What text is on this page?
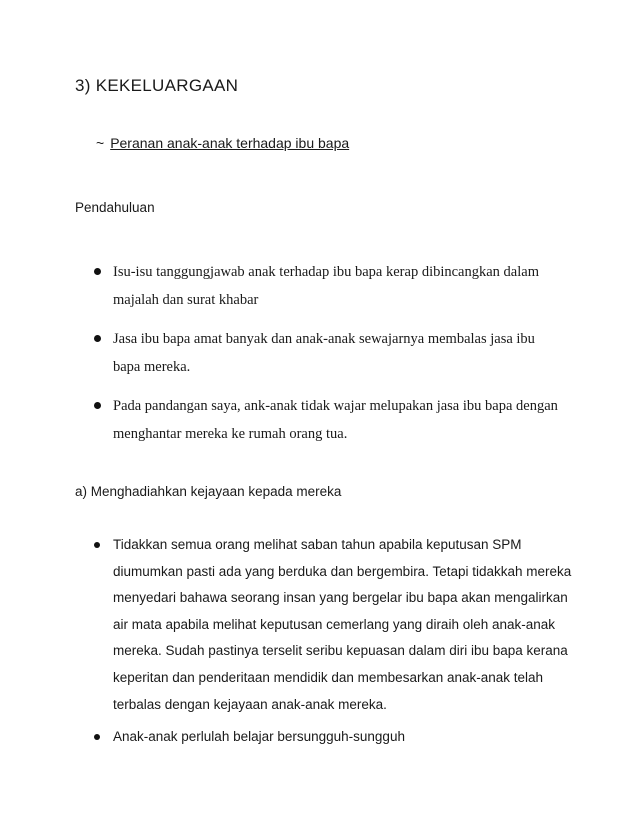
3) KEKELUARGAAN
~ Peranan anak-anak terhadap ibu bapa

Pendahuluan

Isu-isu tanggungjawab anak terhadap ibu bapa kerap dibincangkan dalam majalah dan surat khabar
Jasa ibu bapa amat banyak dan anak-anak sewajarnya membalas jasa ibu bapa mereka.
Pada pandangan saya, ank-anak tidak wajar melupakan jasa ibu bapa dengan menghantar mereka ke rumah orang tua.

a) Menghadiahkan kejayaan kepada mereka

Tidakkan semua orang melihat saban tahun apabila keputusan SPM diumumkan pasti ada yang berduka dan bergembira. Tetapi tidakkah mereka menyedari bahawa seorang insan yang bergelar ibu bapa akan mengalirkan air mata apabila melihat keputusan cemerlang yang diraih oleh anak-anak mereka. Sudah pastinya terselit seribu kepuasan dalam diri ibu bapa kerana keperitan dan penderitaan mendidik dan membesarkan anak-anak telah terbalas dengan kejayaan anak-anak mereka.
Anak-anak perlulah belajar bersungguh-sungguh
